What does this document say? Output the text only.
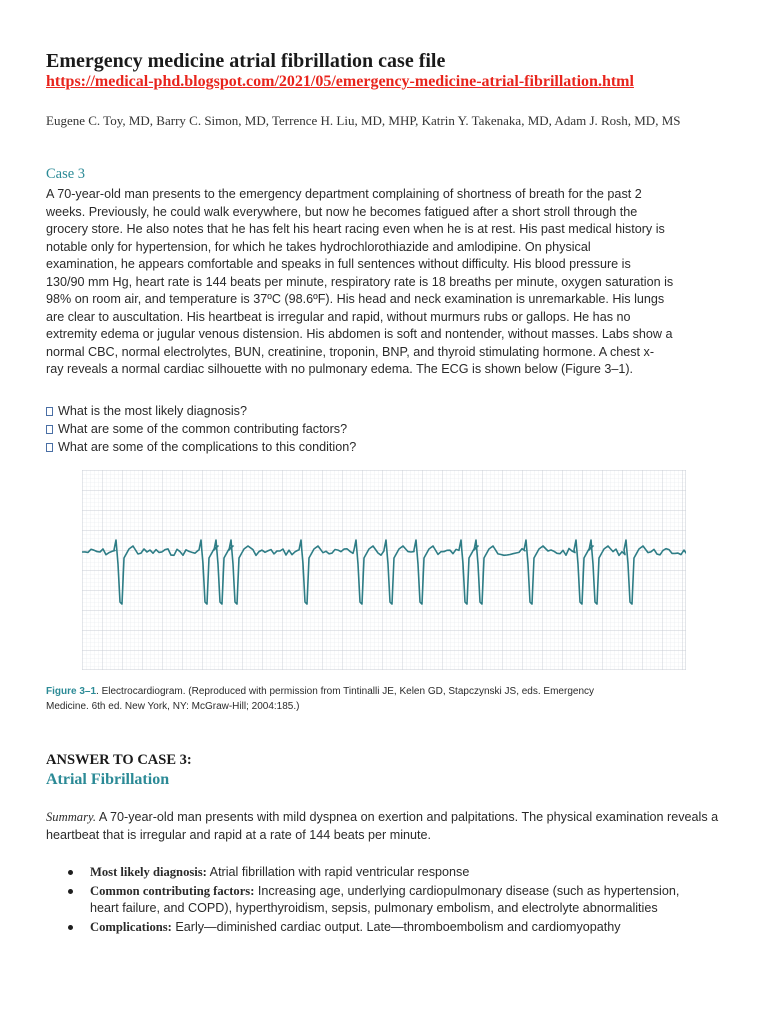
Emergency medicine atrial fibrillation case file
https://medical-phd.blogspot.com/2021/05/emergency-medicine-atrial-fibrillation.html

Eugene C. Toy, MD, Barry C. Simon, MD, Terrence H. Liu, MD, MHP, Katrin Y. Takenaka, MD, Adam J. Rosh, MD, MS

Case 3

A 70-year-old man presents to the emergency department complaining of shortness of breath for the past 2
weeks. Previously, he could walk everywhere, but now he becomes fatigued after a short stroll through the
grocery store. He also notes that he has felt his heart racing even when he is at rest. His past medical history is
notable only for hypertension, for which he takes hydrochlorothiazide and amlodipine. On physical
examination, he appears comfortable and speaks in full sentences without difficulty. His blood pressure is
130/90 mm Hg, heart rate is 144 beats per minute, respiratory rate is 18 breaths per minute, oxygen saturation is
98% on room air, and temperature is 37ºC (98.6ºF). His head and neck examination is unremarkable. His lungs
are clear to auscultation. His heartbeat is irregular and rapid, without murmurs rubs or gallops. He has no
extremity edema or jugular venous distension. His abdomen is soft and nontender, without masses. Labs show a
normal CBC, normal electrolytes, BUN, creatinine, troponin, BNP, and thyroid stimulating hormone. A chest x-
ray reveals a normal cardiac silhouette with no pulmonary edema. The ECG is shown below (Figure 3–1).

What is the most likely diagnosis?
What are some of the common contributing factors?
What are some of the complications to this condition?

Figure 3–1. Electrocardiogram. (Reproduced with permission from Tintinalli JE, Kelen GD, Stapczynski JS, eds. Emergency Medicine. 6th ed. New York, NY: McGraw-Hill; 2004:185.)

ANSWER TO CASE 3:
Atrial Fibrillation

Summary. A 70-year-old man presents with mild dyspnea on exertion and palpitations. The physical examination reveals a heartbeat that is irregular and rapid at a rate of 144 beats per minute.

Most likely diagnosis: Atrial fibrillation with rapid ventricular response
Common contributing factors: Increasing age, underlying cardiopulmonary disease (such as hypertension, heart failure, and COPD), hyperthyroidism, sepsis, pulmonary embolism, and electrolyte abnormalities
Complications: Early—diminished cardiac output. Late—thromboembolism and cardiomyopathy
